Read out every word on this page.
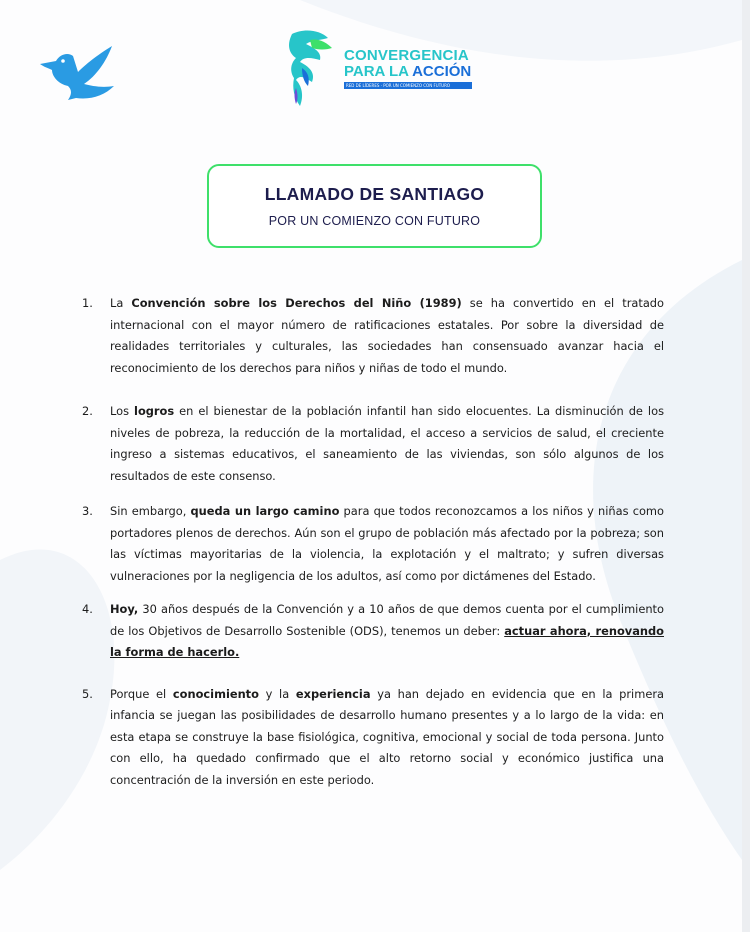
CONVERGENCIA
PARA LA ACCIÓN
RED DE LÍDERES · POR UN COMIENZO CON FUTURO
LLAMADO DE SANTIAGO
POR UN COMIENZO CON FUTURO
1. La Convención sobre los Derechos del Niño (1989) se ha convertido en el tratado internacional con el mayor número de ratificaciones estatales. Por sobre la diversidad de realidades territoriales y culturales, las sociedades han consensuado avanzar hacia el reconocimiento de los derechos para niños y niñas de todo el mundo.
2. Los logros en el bienestar de la población infantil han sido elocuentes. La disminución de los niveles de pobreza, la reducción de la mortalidad, el acceso a servicios de salud, el creciente ingreso a sistemas educativos, el saneamiento de las viviendas, son sólo algunos de los resultados de este consenso.
3. Sin embargo, queda un largo camino para que todos reconozcamos a los niños y niñas como portadores plenos de derechos. Aún son el grupo de población más afectado por la pobreza; son las víctimas mayoritarias de la violencia, la explotación y el maltrato; y sufren diversas vulneraciones por la negligencia de los adultos, así como por dictámenes del Estado.
4. Hoy, 30 años después de la Convención y a 10 años de que demos cuenta por el cumplimiento de los Objetivos de Desarrollo Sostenible (ODS), tenemos un deber: actuar ahora, renovando la forma de hacerlo.
5. Porque el conocimiento y la experiencia ya han dejado en evidencia que en la primera infancia se juegan las posibilidades de desarrollo humano presentes y a lo largo de la vida: en esta etapa se construye la base fisiológica, cognitiva, emocional y social de toda persona. Junto con ello, ha quedado confirmado que el alto retorno social y económico justifica una concentración de la inversión en este periodo.
